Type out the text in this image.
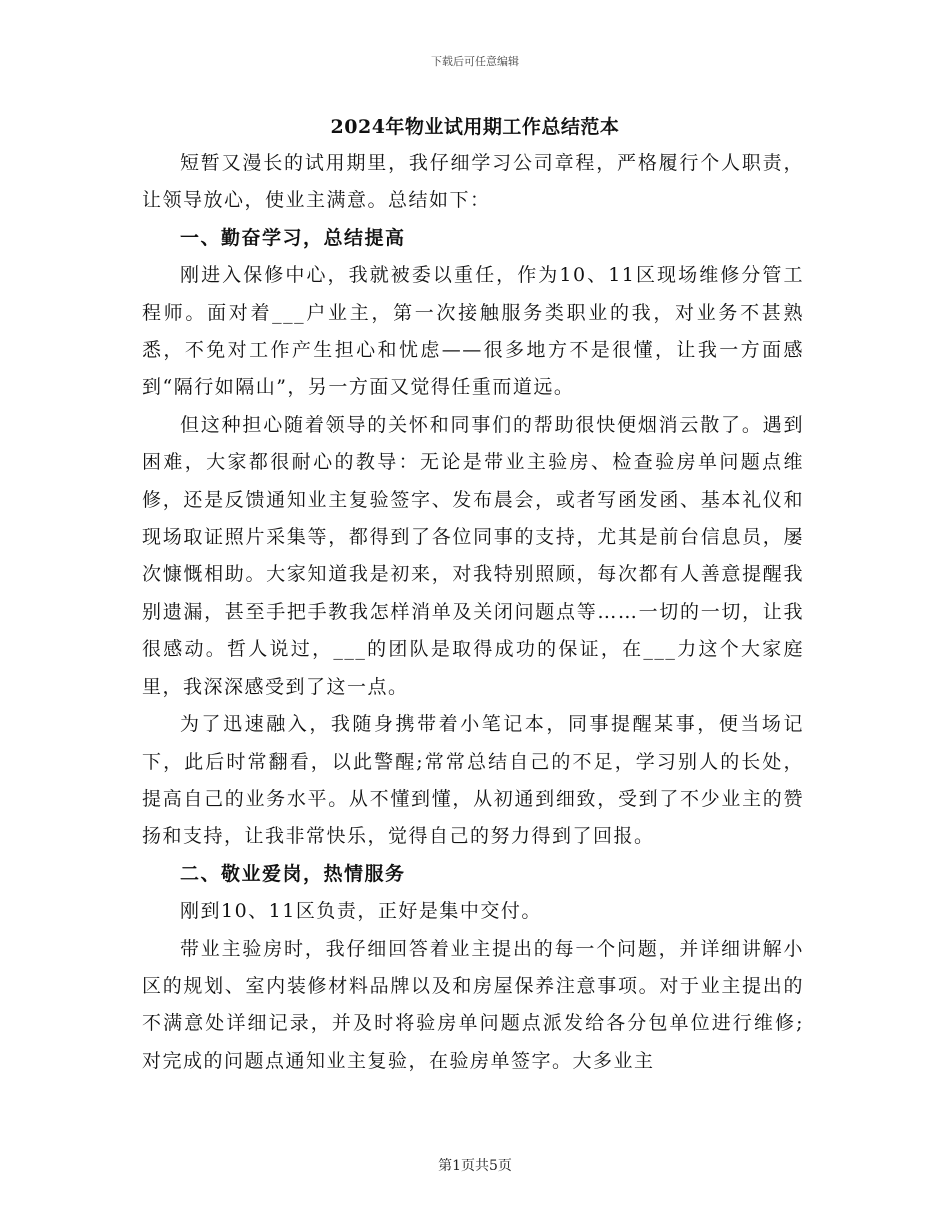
下载后可任意编辑
2024年物业试用期工作总结范本

短暂又漫长的试用期里，我仔细学习公司章程，严格履行个人职责，让领导放心，使业主满意。总结如下：

一、勤奋学习，总结提高

刚进入保修中心，我就被委以重任，作为10、11区现场维修分管工程师。面对着___户业主，第一次接触服务类职业的我，对业务不甚熟悉，不免对工作产生担心和忧虑——很多地方不是很懂，让我一方面感到“隔行如隔山”，另一方面又觉得任重而道远。

但这种担心随着领导的关怀和同事们的帮助很快便烟消云散了。遇到困难，大家都很耐心的教导：无论是带业主验房、检查验房单问题点维修，还是反馈通知业主复验签字、发布晨会，或者写函发函、基本礼仪和现场取证照片采集等，都得到了各位同事的支持，尤其是前台信息员，屡次慷慨相助。大家知道我是初来，对我特别照顾，每次都有人善意提醒我别遗漏，甚至手把手教我怎样消单及关闭问题点等……一切的一切，让我很感动。哲人说过，___的团队是取得成功的保证，在___力这个大家庭里，我深深感受到了这一点。

为了迅速融入，我随身携带着小笔记本，同事提醒某事，便当场记下，此后时常翻看，以此警醒;常常总结自己的不足，学习别人的长处，提高自己的业务水平。从不懂到懂，从初通到细致，受到了不少业主的赞扬和支持，让我非常快乐，觉得自己的努力得到了回报。

二、敬业爱岗，热情服务

刚到10、11区负责，正好是集中交付。

带业主验房时，我仔细回答着业主提出的每一个问题，并详细讲解小区的规划、室内装修材料品牌以及和房屋保养注意事项。对于业主提出的不满意处详细记录，并及时将验房单问题点派发给各分包单位进行维修;对完成的问题点通知业主复验，在验房单签字。大多业主

第1页共5页
